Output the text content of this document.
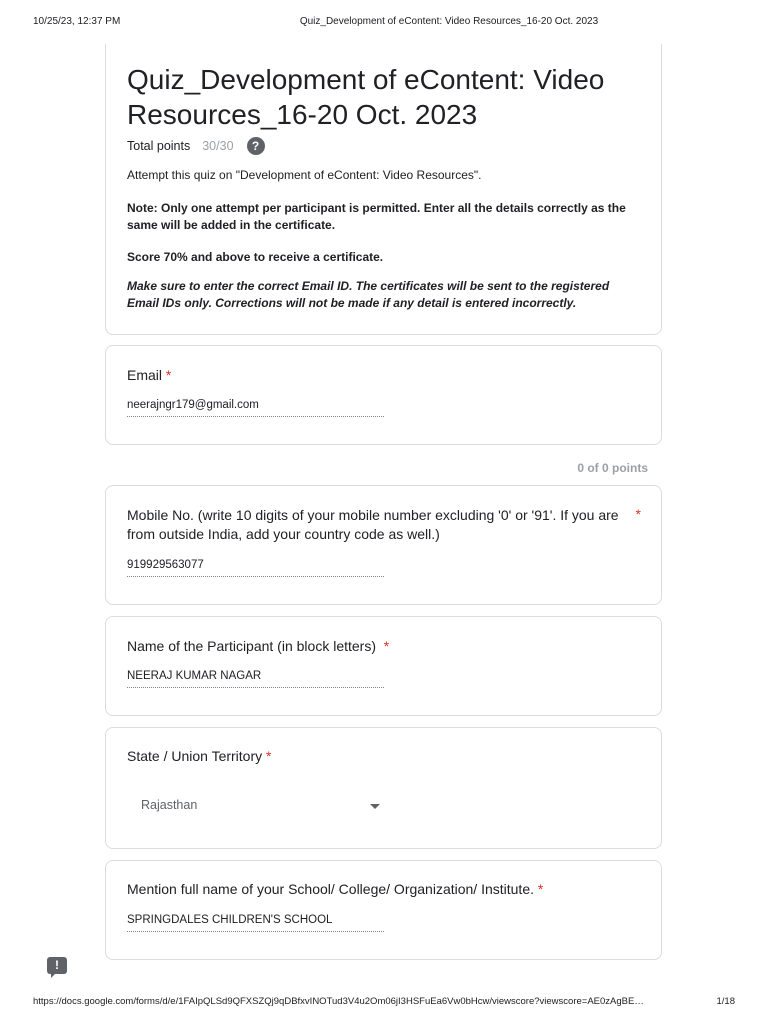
10/25/23, 12:37 PM	Quiz_Development of eContent: Video Resources_16-20 Oct. 2023
Quiz_Development of eContent: Video Resources_16-20 Oct. 2023
Total points 30/30	?
Attempt this quiz on "Development of eContent: Video Resources".
Note: Only one attempt per participant is permitted. Enter all the details correctly as the same will be added in the certificate.
Score 70% and above to receive a certificate.
Make sure to enter the correct Email ID. The certificates will be sent to the registered Email IDs only. Corrections will not be made if any detail is entered incorrectly.
Email *
neerajngr179@gmail.com
0 of 0 points
Mobile No. (write 10 digits of your mobile number excluding '0' or '91'. If you are from outside India, add your country code as well.)
*
919929563077
Name of the Participant (in block letters) *
NEERAJ KUMAR NAGAR
State / Union Territory *
Rajasthan
Mention full name of your School/ College/ Organization/ Institute. *
SPRINGDALES CHILDREN'S SCHOOL
!
https://docs.google.com/forms/d/e/1FAIpQLSd9QFXSZQj9qDBfxvINOTud3V4u2Om06jI3HSFuEa6Vw0bHcw/viewscore?viewscore=AE0zAgBE…	1/18
